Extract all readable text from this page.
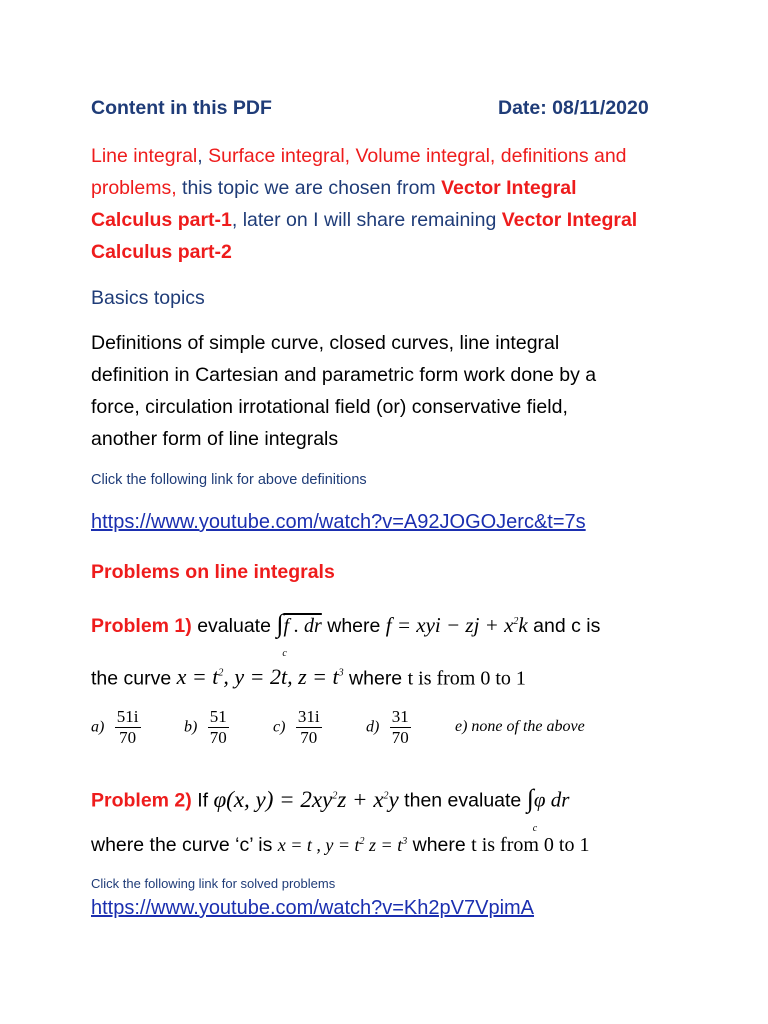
Content in this PDF	Date: 08/11/2020
Line integral, Surface integral, Volume integral, definitions and
problems, this topic we are chosen from Vector Integral
Calculus part-1, later on I will share remaining Vector Integral
Calculus part-2
Basics topics
Definitions of simple curve, closed curves, line integral
definition in Cartesian and parametric form work done by a
force, circulation irrotational field (or) conservative field,
another form of line integrals
Click the following link for above definitions
https://www.youtube.com/watch?v=A92JOGOJerc&t=7s
Problems on line integrals
Problem 1) evaluate ∫
c
f . dr where f = xyi − zj + $x^2k$ and c is
the curve $x = t^2$, y = 2t, $z = t^3$ where t is from 0 to 1
$a) \frac{51i}{70}$	$b) \frac{51}{70}$	$c) \frac{31i}{70}$	$d) \frac{31}{70}$	e) none of the above
Problem 2) If φ(x, $y) = 2xy^2z + x^2y$ then evaluate ∫
c
φ dr
where the curve ‘c’ is x = t , $y = t^2$ $z = t^3$ where t is from 0 to 1
Click the following link for solved problems
https://www.youtube.com/watch?v=Kh2pV7VpimA
